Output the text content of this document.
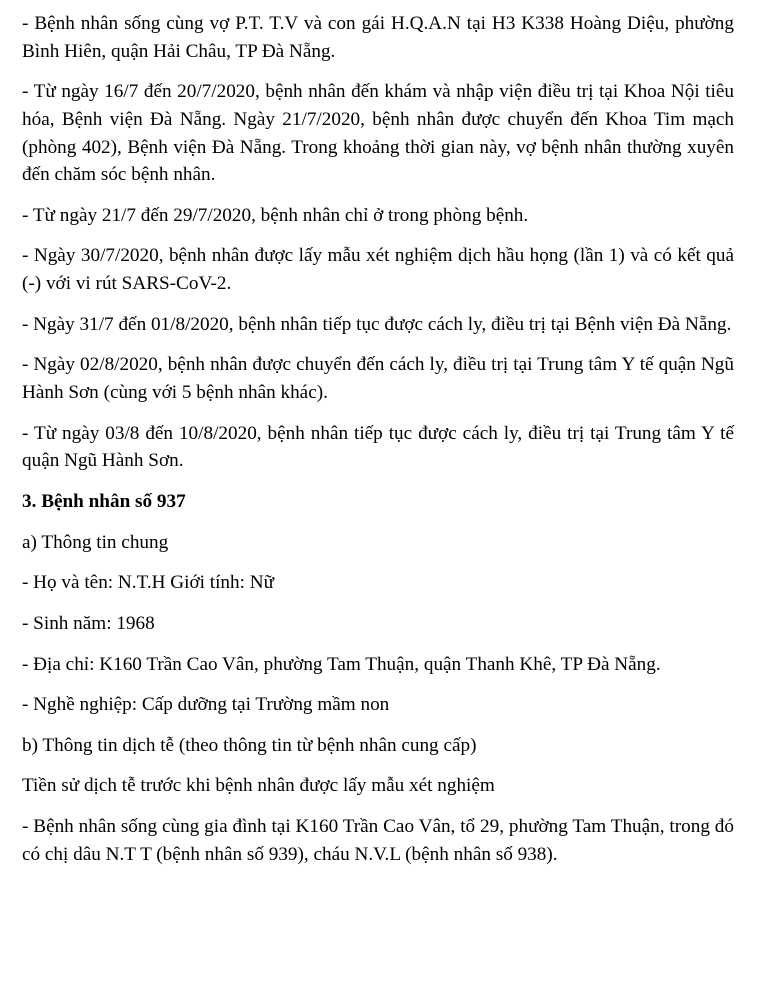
- Bệnh nhân sống cùng vợ P.T. T.V và con gái H.Q.A.N tại H3 K338 Hoàng Diệu, phường Bình Hiên, quận Hải Châu, TP Đà Nẵng.

- Từ ngày 16/7 đến 20/7/2020, bệnh nhân đến khám và nhập viện điều trị tại Khoa Nội tiêu hóa, Bệnh viện Đà Nẵng. Ngày 21/7/2020, bệnh nhân được chuyển đến Khoa Tim mạch (phòng 402), Bệnh viện Đà Nẵng. Trong khoảng thời gian này, vợ bệnh nhân thường xuyên đến chăm sóc bệnh nhân.

- Từ ngày 21/7 đến 29/7/2020, bệnh nhân chỉ ở trong phòng bệnh.

- Ngày 30/7/2020, bệnh nhân được lấy mẫu xét nghiệm dịch hầu họng (lần 1) và có kết quả (-) với vi rút SARS-CoV-2.

- Ngày 31/7 đến 01/8/2020, bệnh nhân tiếp tục được cách ly, điều trị tại Bệnh viện Đà Nẵng.

- Ngày 02/8/2020, bệnh nhân được chuyển đến cách ly, điều trị tại Trung tâm Y tế quận Ngũ Hành Sơn (cùng với 5 bệnh nhân khác).

- Từ ngày 03/8 đến 10/8/2020, bệnh nhân tiếp tục được cách ly, điều trị tại Trung tâm Y tế quận Ngũ Hành Sơn.

3. Bệnh nhân số 937

a) Thông tin chung

- Họ và tên: N.T.H Giới tính: Nữ

- Sinh năm: 1968

- Địa chỉ: K160 Trần Cao Vân, phường Tam Thuận, quận Thanh Khê, TP Đà Nẵng.

- Nghề nghiệp: Cấp dưỡng tại Trường mầm non

b) Thông tin dịch tễ (theo thông tin từ bệnh nhân cung cấp)

Tiền sử dịch tễ trước khi bệnh nhân được lấy mẫu xét nghiệm

- Bệnh nhân sống cùng gia đình tại K160 Trần Cao Vân, tổ 29, phường Tam Thuận, trong đó có chị dâu N.T T (bệnh nhân số 939), cháu N.V.L (bệnh nhân số 938).
